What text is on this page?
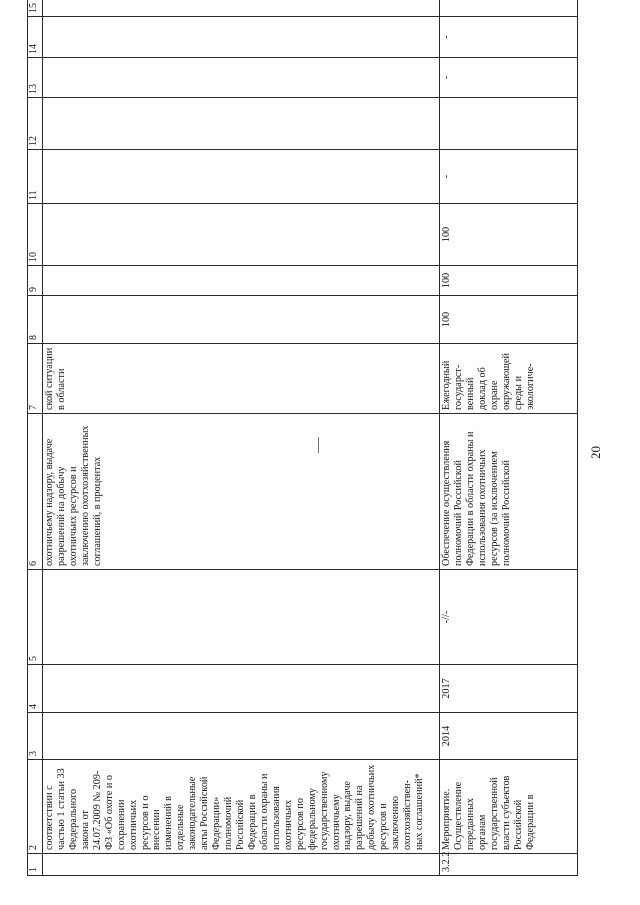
20
1	2	3	4	5	6	7	8	9	10	11	12	13	14	15
	соответствии с частью 1 статьи 33 Федерального закона от 24.07.2009 № 209-ФЗ «Об охоте и о сохранении охотничьих ресурсов и о внесении изменений в отдельные законодательные акты Российской Федерации» полномочий Российской Федерации в области охраны и использования охотничьих ресурсов по федеральному государственному охотничьему надзору, выдаче разрешений на добычу охотничьих ресурсов и заключению охотхозяйствен-ных соглашений*				охотничьему надзору, выдаче разрешений на добычу охотничьих ресурсов и заключению охотхозяйственных соглашений, в процентах	ской ситуации в области								
3.2.2	Мероприятие. Осуществление переданных органам государственной власти субъектов Российской Федерации в	2014	2017	-//-	Обеспечение осуществления полномочий Российской Федерации в области охраны и использования охотничьих ресурсов (за исключением полномочий Российской	Ежегодный государст-венный доклад об охране окружающей среды и экологиче-	100	100	100	-		-	-	
